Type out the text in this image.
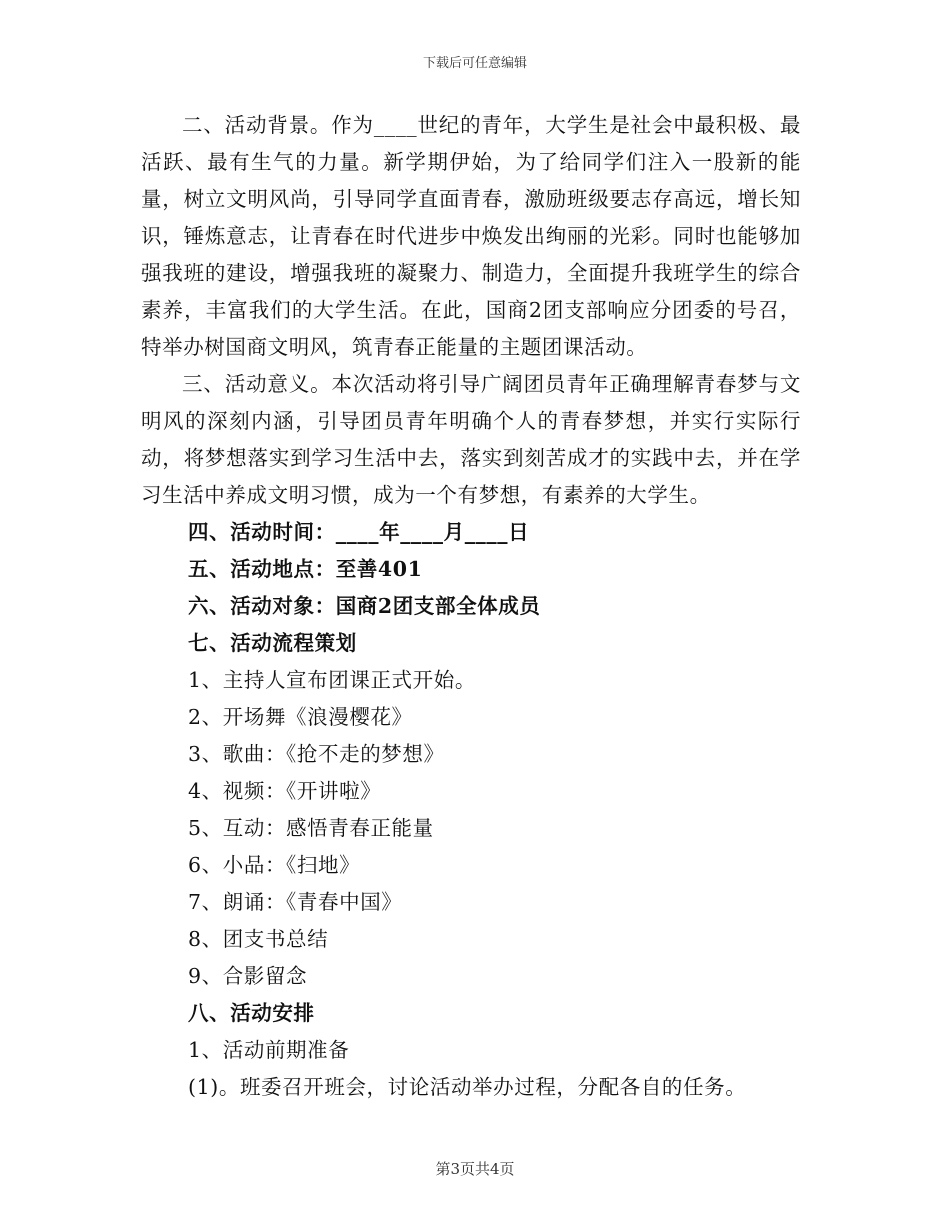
下载后可任意编辑

二、活动背景。作为____世纪的青年，大学生是社会中最积极、最活跃、最有生气的力量。新学期伊始，为了给同学们注入一股新的能量，树立文明风尚，引导同学直面青春，激励班级要志存高远，增长知识，锤炼意志，让青春在时代进步中焕发出绚丽的光彩。同时也能够加强我班的建设，增强我班的凝聚力、制造力，全面提升我班学生的综合素养，丰富我们的大学生活。在此，国商2团支部响应分团委的号召，特举办树国商文明风，筑青春正能量的主题团课活动。

三、活动意义。本次活动将引导广阔团员青年正确理解青春梦与文明风的深刻内涵，引导团员青年明确个人的青春梦想，并实行实际行动，将梦想落实到学习生活中去，落实到刻苦成才的实践中去，并在学习生活中养成文明习惯，成为一个有梦想，有素养的大学生。

四、活动时间：____年____月____日

五、活动地点：至善401

六、活动对象：国商2团支部全体成员

七、活动流程策划

1、主持人宣布团课正式开始。

2、开场舞《浪漫樱花》

3、歌曲：《抢不走的梦想》

4、视频：《开讲啦》

5、互动：感悟青春正能量

6、小品：《扫地》

7、朗诵：《青春中国》

8、团支书总结

9、合影留念

八、活动安排

1、活动前期准备

(1)。班委召开班会，讨论活动举办过程，分配各自的任务。

第3页共4页
